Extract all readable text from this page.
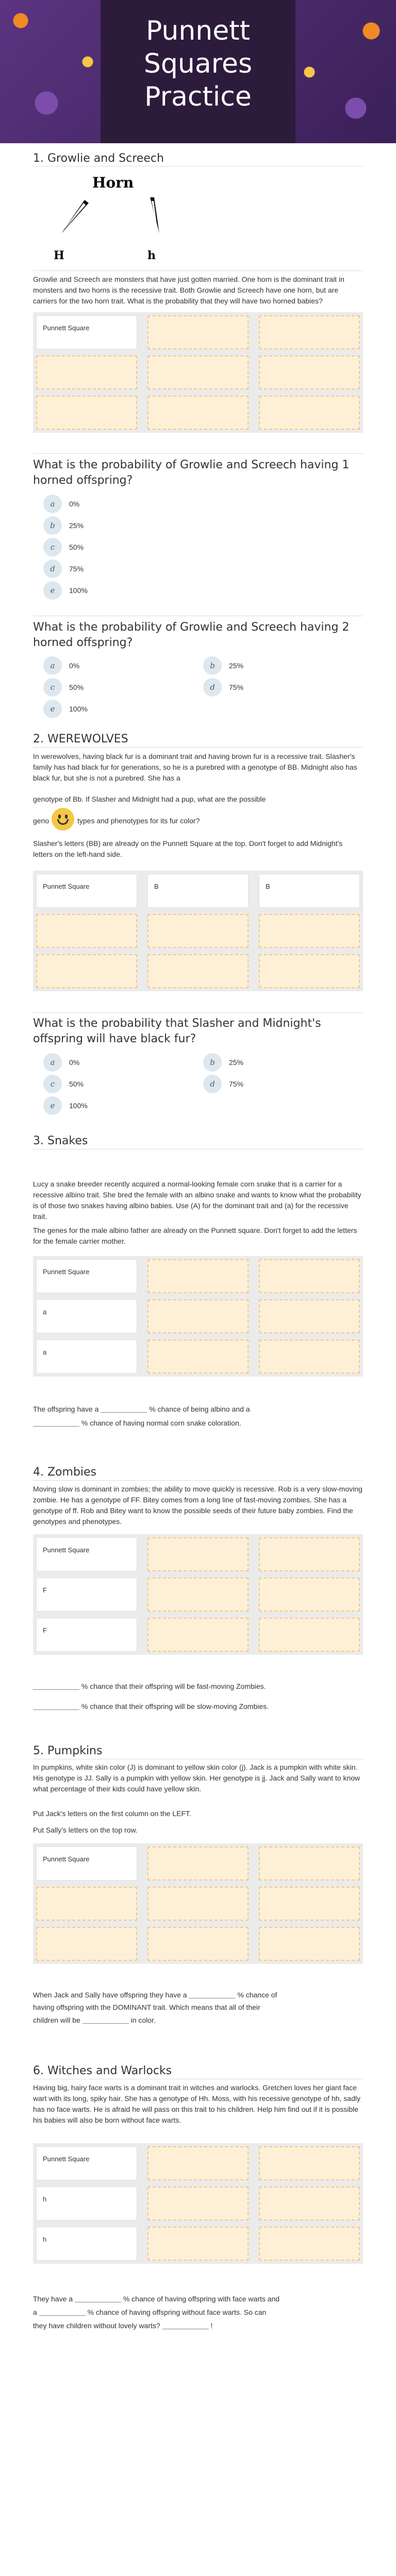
Punnett Squares Practice
1. Growlie and Screech
Horn
H	h
Growlie and Screech are monsters that have just gotten married. One horn is the dominant trait in monsters and two horns is the recessive trait. Both Growlie and Screech have one horn, but are carriers for the two horn trait. What is the probability that they will have two horned babies?
Punnett Square
What is the probability of Growlie and Screech having 1 horned offspring?
a	0%
b	25%
c	50%
d	75%
e	100%
What is the probability of Growlie and Screech having 2 horned offspring?
a	0%	b	25%
c	50%	d	75%
e	100%
2. WEREWOLVES
In werewolves, having black fur is a dominant trait and having brown fur is a recessive trait. Slasher's family has had black fur for generations, so he is a purebred with a genotype of BB. Midnight also has black fur, but she is not a purebred. She has a
genotype of Bb. If Slasher and Midnight had a pup, what are the possible
geno	types and phenotypes for its fur color?
Slasher's letters (BB) are already on the Punnett Square at the top. Don't forget to add Midnight's letters on the left-hand side.
Punnett Square	B	B
What is the probability that Slasher and Midnight's offspring will have black fur?
a	0%	b	25%
c	50%	d	75%
e	100%
3. Snakes
Lucy a snake breeder recently acquired a normal-looking female corn snake that is a carrier for a recessive albino trait. She bred the female with an albino snake and wants to know what the probability is of those two snakes having albino babies. Use (A) for the dominant trait and (a) for the recessive trait.
The genes for the male albino father are already on the Punnett square. Don't forget to add the letters for the female carrier mother.
Punnett Square
a
a
The offspring have a	% chance of being albino and a
% chance of having normal corn snake coloration.
4. Zombies
Moving slow is dominant in zombies; the ability to move quickly is recessive. Rob is a very slow-moving zombie. He has a genotype of FF. Bitey comes from a long line of fast-moving zombies. She has a genotype of ff. Rob and Bitey want to know the possible seeds of their future baby zombies. Find the genotypes and phenotypes.
Punnett Square
F
F
% chance that their offspring will be fast-moving Zombies.
% chance that their offspring will be slow-moving Zombies.
5. Pumpkins
In pumpkins, white skin color (J) is dominant to yellow skin color (j). Jack is a pumpkin with white skin. His genotype is JJ. Sally is a pumpkin with yellow skin. Her genotype is jj. Jack and Sally want to know what percentage of their kids could have yellow skin.
Put Jack's letters on the first column on the LEFT.
Put Sally's letters on the top row.
Punnett Square
When Jack and Sally have offspring they have a	% chance of
having offspring with the DOMINANT trait. Which means that all of their
children will be	in color.
6. Witches and Warlocks
Having big, hairy face warts is a dominant trait in witches and warlocks. Gretchen loves her giant face wart with its long, spiky hair. She has a genotype of Hh. Moss, with his recessive genotype of hh, sadly has no face warts. He is afraid he will pass on this trait to his children. Help him find out if it is possible his babies will also be born without face warts.
Punnett Square
h
h
They have a	% chance of having offspring with face warts and
a	% chance of having offspring without face warts. So can
they have children without lovely warts?	!
